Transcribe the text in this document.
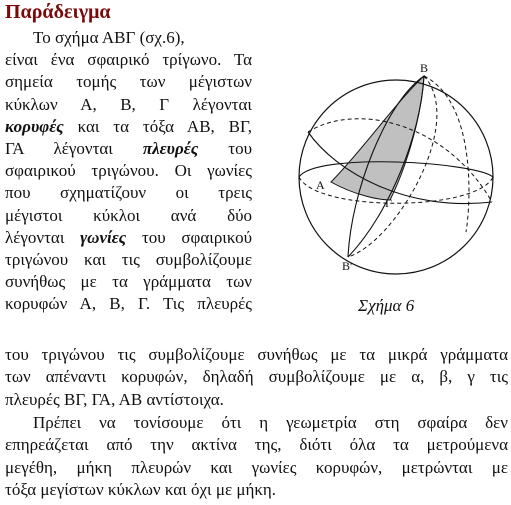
Παράδειγμα
Το σχήμα ΑΒΓ (σχ.6),
είναι ένα σφαιρικό τρίγωνο. Τα
σημεία τομής των μέγιστων
κύκλων Α, Β, Γ λέγονται
κορυφές και τα τόξα ΑΒ, ΒΓ,
ΓΑ λέγονται πλευρές του
σφαιρικού τριγώνου. Οι γωνίες
που σχηματίζουν οι τρεις
μέγιστοι κύκλοι ανά δύο
λέγονται γωνίες του σφαιρικού
τριγώνου και τις συμβολίζουμε
συνήθως με τα γράμματα των
κορυφών Α, Β, Γ. Τις πλευρές
B
A
Γ
B'
Σχήμα 6
του τριγώνου τις συμβολίζουμε συνήθως με τα μικρά γράμματα
των απέναντι κορυφών, δηλαδή συμβολίζουμε με α, β, γ τις
πλευρές ΒΓ, ΓΑ, ΑΒ αντίστοιχα.
Πρέπει να τονίσουμε ότι η γεωμετρία στη σφαίρα δεν
επηρεάζεται από την ακτίνα της, διότι όλα τα μετρούμενα
μεγέθη, μήκη πλευρών και γωνίες κορυφών, μετρώνται με
τόξα μεγίστων κύκλων και όχι με μήκη.
